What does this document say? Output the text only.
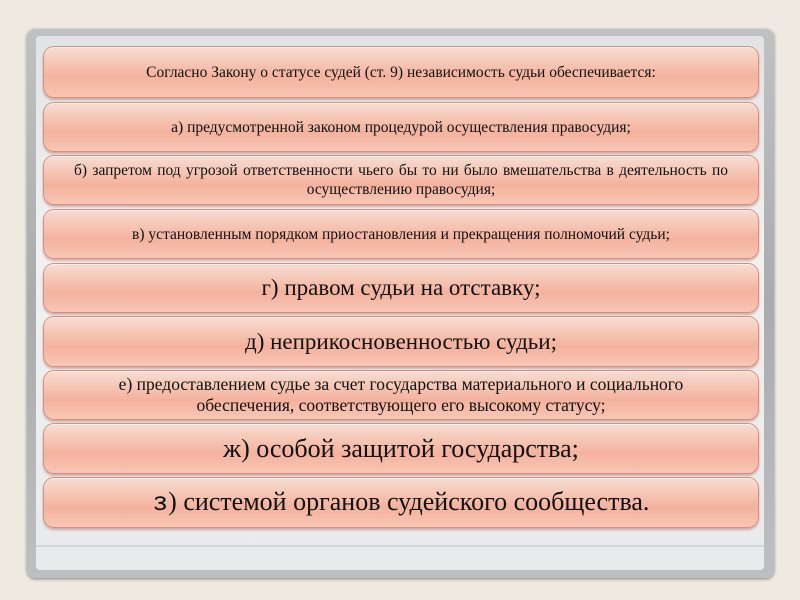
Согласно Закону о статусе судей (ст. 9) независимость судьи обеспечивается:
а) предусмотренной законом процедурой осуществления правосудия;
б) запретом под угрозой ответственности чьего бы то ни было вмешательства в деятельность по осуществлению правосудия;
в) установленным порядком приостановления и прекращения полномочий судьи;
г) правом судьи на отставку;
д) неприкосновенностью судьи;
е) предоставлением судье за счет государства материального и социального обеспечения, соответствующего его высокому статусу;
ж) особой защитой государства;
з) системой органов судейского сообщества.
